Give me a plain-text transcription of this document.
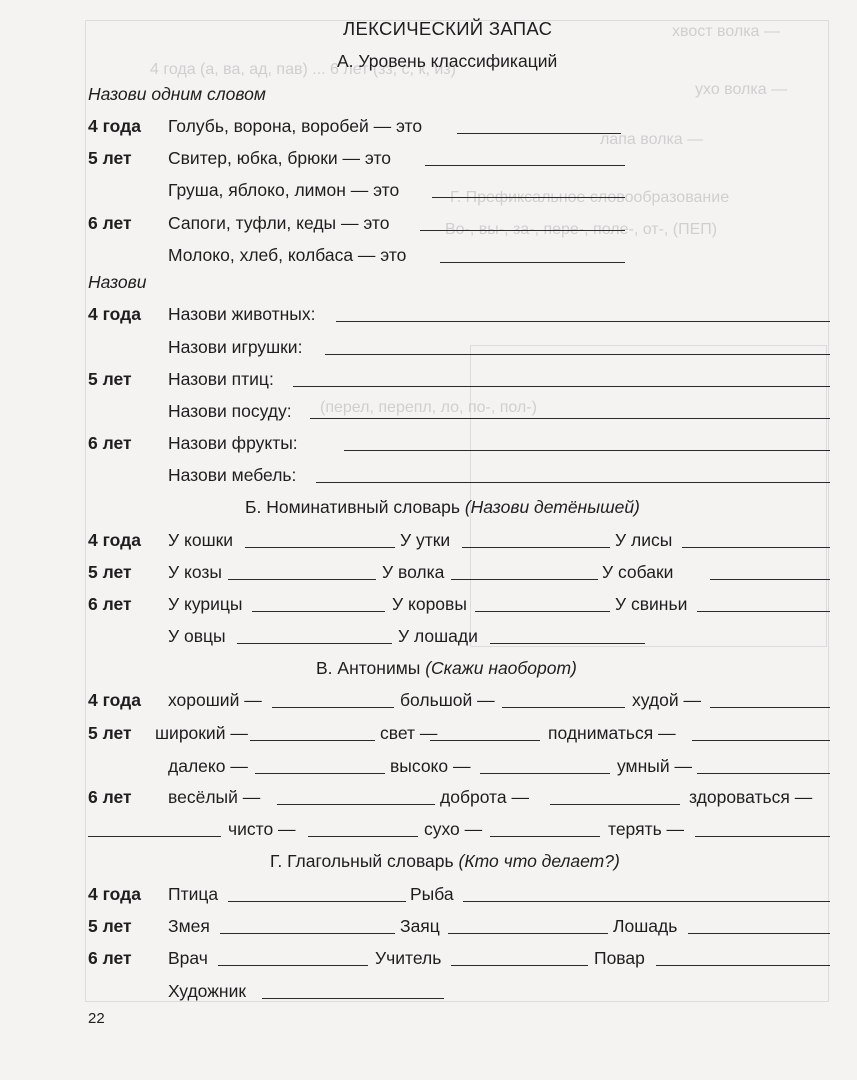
хвост волка —
4 года (а, ва, ад, пав) ... 6 лет (зз, с, к, из)
ухо волка —
лапа волка —
Г. Префиксальное словообразование
Во-, вы-, за-, пере-, поле-, от-, (ПЕП)
(перел, перепл, ло, по-, пол-)
ЛЕКСИЧЕСКИЙ ЗАПАС
А. Уровень классификаций
Назови одним словом
4 года Голубь, ворона, воробей — это
5 лет Свитер, юбка, брюки — это
Груша, яблоко, лимон — это
6 лет Сапоги, туфли, кеды — это
Молоко, хлеб, колбаса — это
Назови
4 года Назови животных:
Назови игрушки:
5 лет Назови птиц:
Назови посуду:
6 лет Назови фрукты:
Назови мебель:
Б. Номинативный словарь (Назови детёнышей)
4 года У кошки	У утки	У лисы
5 лет У козы	У волка	У собаки
6 лет У курицы	У коровы	У свиньи
У овцы	У лошади
В. Антонимы (Скажи наоборот)
4 года хороший —	большой —	худой —
5 лет широкий —	свет —	подниматься —
далеко —	высоко —	умный —
6 лет весёлый —	доброта —	здороваться —
чисто —	сухо —	терять —
Г. Глагольный словарь (Кто что делает?)
4 года Птица	Рыба
5 лет Змея	Заяц	Лошадь
6 лет Врач	Учитель	Повар
Художник
22
